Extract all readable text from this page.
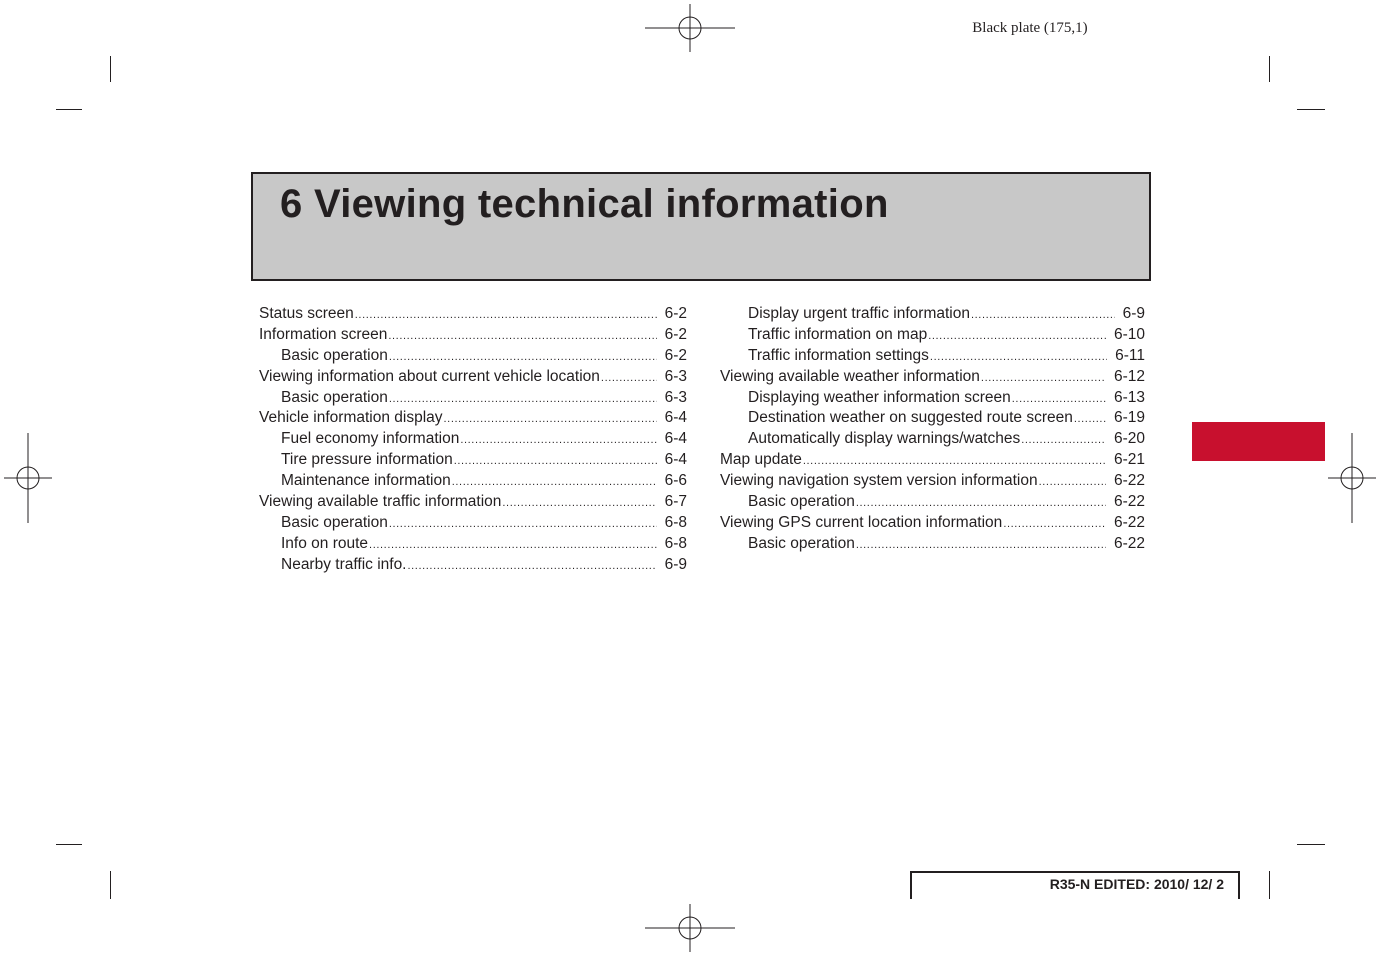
Black plate (175,1)
6 Viewing technical information
Status screen .....	6-2
Information screen .....	6-2
Basic operation .....	6-2
Viewing information about current vehicle location .....	6-3
Basic operation .....	6-3
Vehicle information display .....	6-4
Fuel economy information .....	6-4
Tire pressure information .....	6-4
Maintenance information .....	6-6
Viewing available traffic information .....	6-7
Basic operation .....	6-8
Info on route .....	6-8
Nearby traffic info. .....	6-9
Display urgent traffic information .....	6-9
Traffic information on map .....	6-10
Traffic information settings .....	6-11
Viewing available weather information .....	6-12
Displaying weather information screen .....	6-13
Destination weather on suggested route screen .....	6-19
Automatically display warnings/watches .....	6-20
Map update .....	6-21
Viewing navigation system version information .....	6-22
Basic operation .....	6-22
Viewing GPS current location information .....	6-22
Basic operation .....	6-22
R35-N EDITED: 2010/ 12/ 2
